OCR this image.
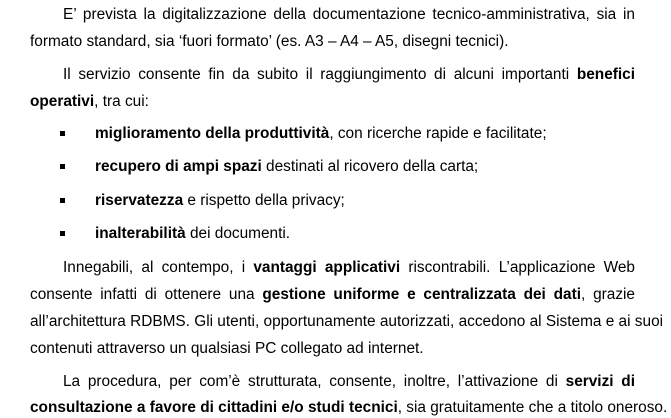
E’ prevista la digitalizzazione della documentazione tecnico-amministrativa, sia in
formato standard, sia ‘fuori formato’ (es. A3 – A4 – A5, disegni tecnici).
Il servizio consente fin da subito il raggiungimento di alcuni importanti benefici
operativi, tra cui:
miglioramento della produttività, con ricerche rapide e facilitate;
recupero di ampi spazi destinati al ricovero della carta;
riservatezza e rispetto della privacy;
inalterabilità dei documenti.
Innegabili, al contempo, i vantaggi applicativi riscontrabili. L’applicazione Web
consente infatti di ottenere una gestione uniforme e centralizzata dei dati, grazie
all’architettura RDBMS. Gli utenti, opportunamente autorizzati, accedono al Sistema e ai suoi
contenuti attraverso un qualsiasi PC collegato ad internet.
La procedura, per com’è strutturata, consente, inoltre, l’attivazione di servizi di
consultazione a favore di cittadini e/o studi tecnici, sia gratuitamente che a titolo oneroso.
